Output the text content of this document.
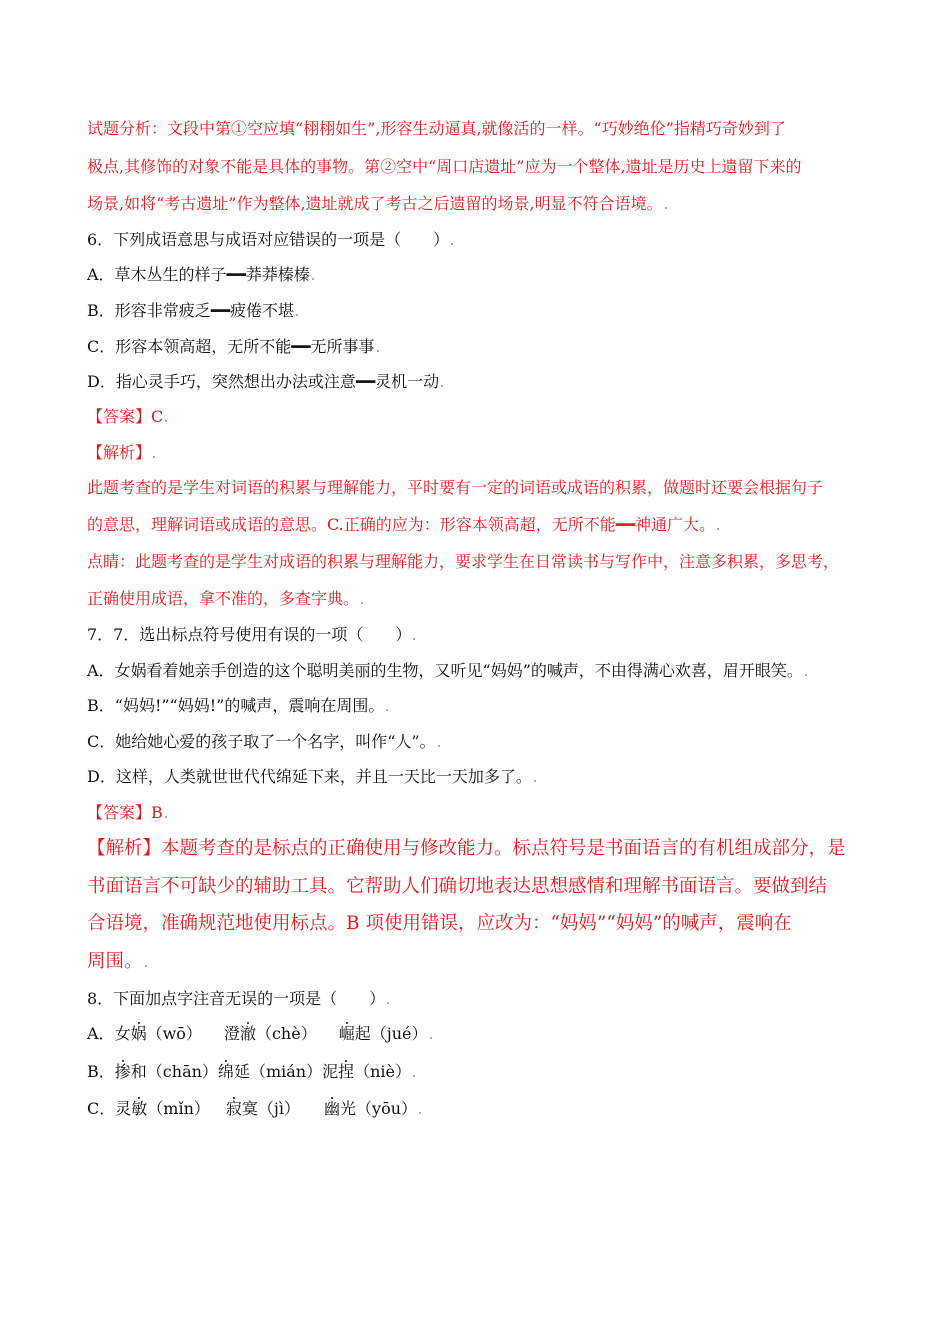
试题分析：文段中第①空应填“栩栩如生”,形容生动逼真,就像活的一样。“巧妙绝伦”指精巧奇妙到了
极点,其修饰的对象不能是具体的事物。第②空中“周口店遗址”应为一个整体,遗址是历史上遗留下来的
场景,如将“考古遗址”作为整体,遗址就成了考古之后遗留的场景,明显不符合语境。
6．下列成语意思与成语对应错误的一项是（　　）
A．草木丛生的样子━━莽莽榛榛
B．形容非常疲乏━━疲倦不堪
C．形容本领高超，无所不能━━无所事事
D．指心灵手巧，突然想出办法或注意━━灵机一动
【答案】C
【解析】
此题考查的是学生对词语的积累与理解能力，平时要有一定的词语或成语的积累，做题时还要会根据句子
的意思，理解词语或成语的意思。C.正确的应为：形容本领高超，无所不能━━神通广大。
点睛：此题考查的是学生对成语的积累与理解能力，要求学生在日常读书与写作中，注意多积累，多思考，
正确使用成语，拿不准的，多查字典。
7．7．选出标点符号使用有误的一项（　　）
A．女娲看着她亲手创造的这个聪明美丽的生物，又听见“妈妈”的喊声，不由得满心欢喜，眉开眼笑。
B．“妈妈!”“妈妈!”的喊声，震响在周围。
C．她给她心爱的孩子取了一个名字，叫作“人”。
D．这样，人类就世世代代绵延下来，并且一天比一天加多了。
【答案】B
【解析】本题考查的是标点的正确使用与修改能力。标点符号是书面语言的有机组成部分，是
书面语言不可缺少的辅助工具。它帮助人们确切地表达思想感情和理解书面语言。要做到结
合语境，准确规范地使用标点。B 项使用错误，应改为：“妈妈”“妈妈”的喊声，震响在
周围。
8．下面加点字注音无误的一项是（　　）
A．女娲（wō） 澄澈（chè） 崛起（jué）
B．掺和（chān）绵延（mián）泥捏（niè）
C．灵敏（mǐn） 寂寞（jì） 幽光（yōu）
